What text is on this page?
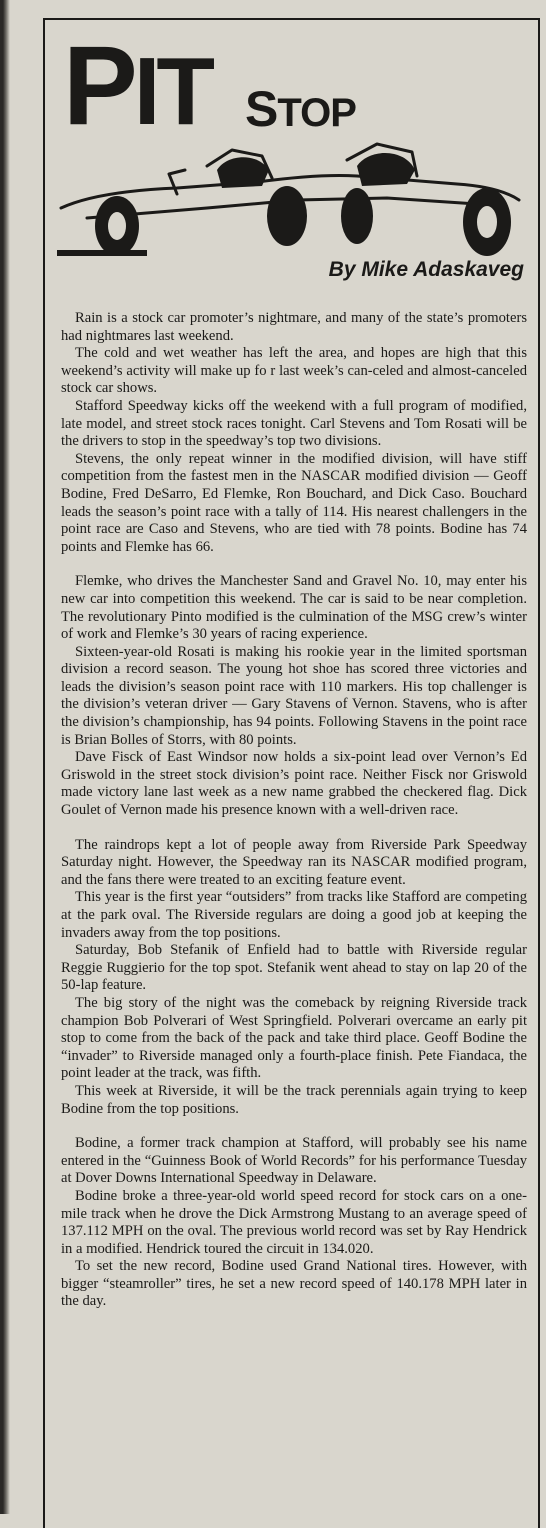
PIT STOP

By Mike Adaskaveg

Rain is a stock car promoter’s nightmare, and many of the state’s promoters had nightmares last weekend.

The cold and wet weather has left the area, and hopes are high that this weekend’s activity will make up fo r last week’s can-celed and almost-canceled stock car shows.

Stafford Speedway kicks off the weekend with a full program of modified, late model, and street stock races tonight. Carl Stevens and Tom Rosati will be the drivers to stop in the speedway’s top two divisions.

Stevens, the only repeat winner in the modified division, will have stiff competition from the fastest men in the NASCAR modified division — Geoff Bodine, Fred DeSarro, Ed Flemke, Ron Bouchard, and Dick Caso. Bouchard leads the season’s point race with a tally of 114. His nearest challengers in the point race are Caso and Stevens, who are tied with 78 points. Bodine has 74 points and Flemke has 66.

Flemke, who drives the Manchester Sand and Gravel No. 10, may enter his new car into competition this weekend. The car is said to be near completion. The revolutionary Pinto modified is the culmination of the MSG crew’s winter of work and Flemke’s 30 years of racing experience.

Sixteen-year-old Rosati is making his rookie year in the limited sportsman division a record season. The young hot shoe has scored three victories and leads the division’s season point race with 110 markers. His top challenger is the division’s veteran driver — Gary Stavens of Vernon. Stavens, who is after the division’s championship, has 94 points. Following Stavens in the point race is Brian Bolles of Storrs, with 80 points.

Dave Fisck of East Windsor now holds a six-point lead over Vernon’s Ed Griswold in the street stock division’s point race. Neither Fisck nor Griswold made victory lane last week as a new name grabbed the checkered flag. Dick Goulet of Vernon made his presence known with a well-driven race.

The raindrops kept a lot of people away from Riverside Park Speedway Saturday night. However, the Speedway ran its NASCAR modified program, and the fans there were treated to an exciting feature event.

This year is the first year “outsiders” from tracks like Stafford are competing at the park oval. The Riverside regulars are doing a good job at keeping the invaders away from the top positions.

Saturday, Bob Stefanik of Enfield had to battle with Riverside regular Reggie Ruggierio for the top spot. Stefanik went ahead to stay on lap 20 of the 50-lap feature.

The big story of the night was the comeback by reigning Riverside track champion Bob Polverari of West Springfield. Polverari overcame an early pit stop to come from the back of the pack and take third place. Geoff Bodine the “invader” to Riverside managed only a fourth-place finish. Pete Fiandaca, the point leader at the track, was fifth.

This week at Riverside, it will be the track perennials again trying to keep Bodine from the top positions.

Bodine, a former track champion at Stafford, will probably see his name entered in the “Guinness Book of World Records” for his performance Tuesday at Dover Downs International Speedway in Delaware.

Bodine broke a three-year-old world speed record for stock cars on a one-mile track when he drove the Dick Armstrong Mustang to an average speed of 137.112 MPH on the oval. The previous world record was set by Ray Hendrick in a modified. Hendrick toured the circuit in 134.020.

To set the new record, Bodine used Grand National tires. However, with bigger “steamroller” tires, he set a new record speed of 140.178 MPH later in the day.
